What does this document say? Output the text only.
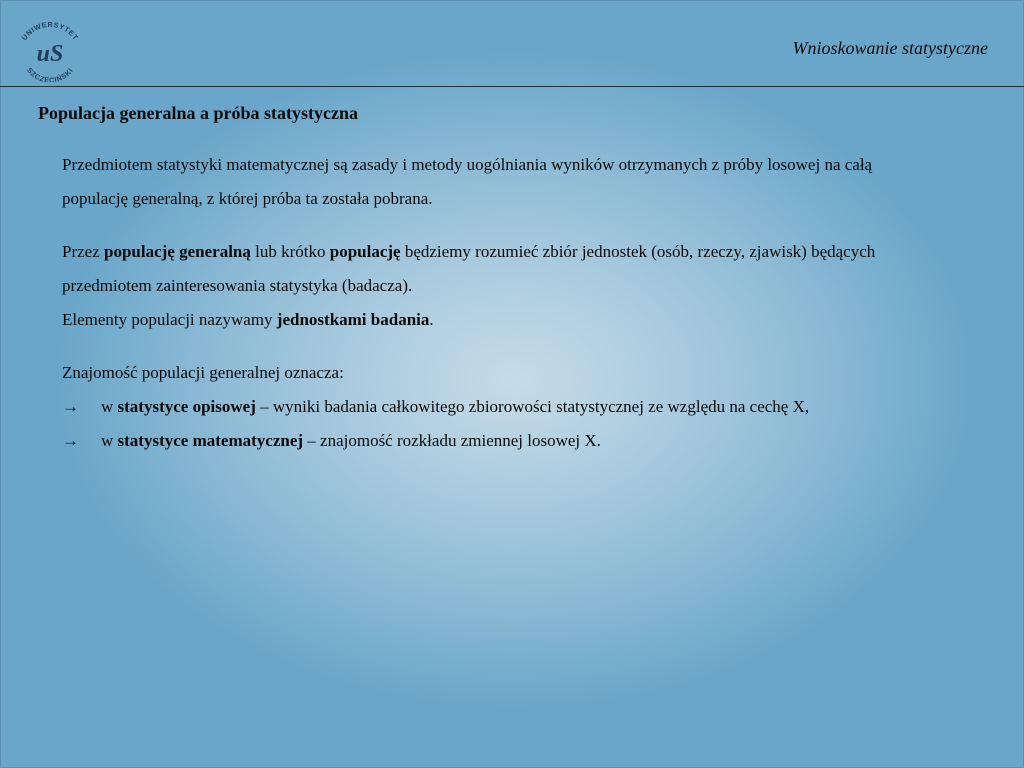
UNIWERSYTET
SZCZECIŃSKI
uS	Wnioskowanie statystyczne
Populacja generalna a próba statystyczna

Przedmiotem statystyki matematycznej są zasady i metody uogólniania wyników otrzymanych z próby losowej na całą populację generalną, z której próba ta została pobrana.

Przez populację generalną lub krótko populację będziemy rozumieć zbiór jednostek (osób, rzeczy, zjawisk) będących przedmiotem zainteresowania statystyka (badacza).

Elementy populacji nazywamy jednostkami badania.

Znajomość populacji generalnej oznacza:

→	w statystyce opisowej – wyniki badania całkowitego zbiorowości statystycznej ze względu na cechę X,
→	w statystyce matematycznej – znajomość rozkładu zmiennej losowej X.
